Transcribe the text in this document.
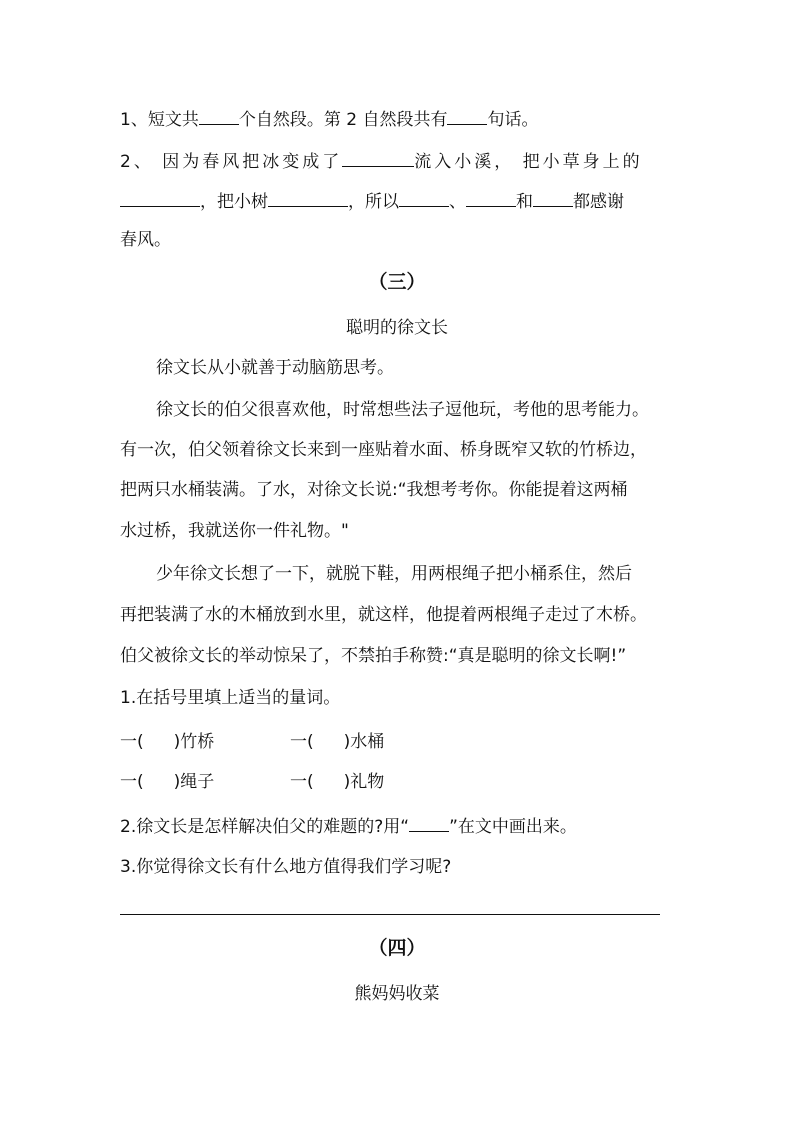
1、短文共 个自然段。第 2 自然段共有 句话。
2、 因为春风把冰变成了	流入小溪， 把小草身上的
，把小树	，所以	、	和 都感谢
春风。
（三）
聪明的徐文长
徐文长从小就善于动脑筋思考。
徐文长的伯父很喜欢他，时常想些法子逗他玩，考他的思考能力。
有一次，伯父领着徐文长来到一座贴着水面、桥身既窄又软的竹桥边，
把两只水桶装满。了水，对徐文长说:“我想考考你。你能提着这两桶
水过桥，我就送你一件礼物。"
少年徐文长想了一下，就脱下鞋，用两根绳子把小桶系住，然后
再把装满了水的木桶放到水里，就这样，他提着两根绳子走过了木桥。
伯父被徐文长的举动惊呆了，不禁拍手称赞:“真是聪明的徐文长啊!”
1.在括号里填上适当的量词。
一( )竹桥	一( )水桶
一( )绳子	一( )礼物
2.徐文长是怎样解决伯父的难题的?用“ ”在文中画出来。
3.你觉得徐文长有什么地方值得我们学习呢?
（四）
熊妈妈收菜
